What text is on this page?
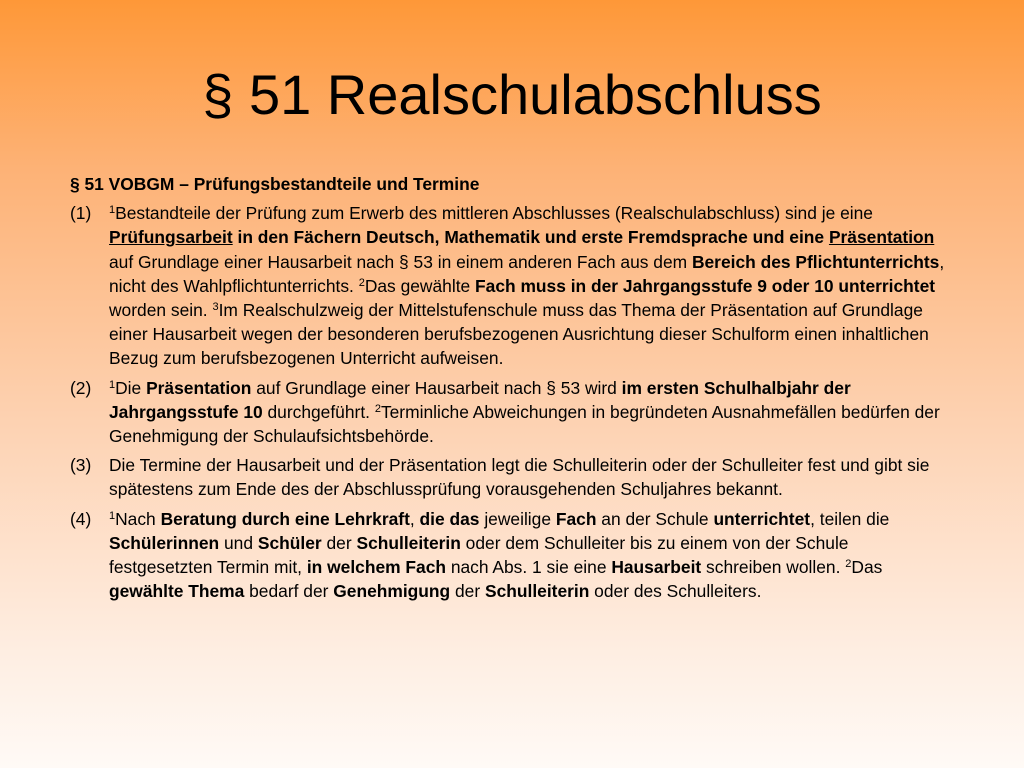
§ 51 Realschulabschluss
§ 51 VOBGM – Prüfungsbestandteile und Termine
(1)	$^1$Bestandteile der Prüfung zum Erwerb des mittleren Abschlusses (Realschulabschluss) sind je eine Prüfungsarbeit in den Fächern Deutsch, Mathematik und erste Fremdsprache und eine Präsentation auf Grundlage einer Hausarbeit nach § 53 in einem anderen Fach aus dem Bereich des Pflichtunterrichts, nicht des Wahlpflichtunterrichts. $^2$Das gewählte Fach muss in der Jahrgangsstufe 9 oder 10 unterrichtet worden sein. $^3$Im Realschulzweig der Mittelstufenschule muss das Thema der Präsentation auf Grundlage einer Hausarbeit wegen der besonderen berufsbezogenen Ausrichtung dieser Schulform einen inhaltlichen Bezug zum berufsbezogenen Unterricht aufweisen.
(2)	$^1$Die Präsentation auf Grundlage einer Hausarbeit nach § 53 wird im ersten Schulhalbjahr der Jahrgangsstufe 10 durchgeführt. $^2$Terminliche Abweichungen in begründeten Ausnahmefällen bedürfen der Genehmigung der Schulaufsichtsbehörde.
(3)	Die Termine der Hausarbeit und der Präsentation legt die Schulleiterin oder der Schulleiter fest und gibt sie spätestens zum Ende des der Abschlussprüfung vorausgehenden Schuljahres bekannt.
(4)	$^1$Nach Beratung durch eine Lehrkraft, die das jeweilige Fach an der Schule unterrichtet, teilen die Schülerinnen und Schüler der Schulleiterin oder dem Schulleiter bis zu einem von der Schule festgesetzten Termin mit, in welchem Fach nach Abs. 1 sie eine Hausarbeit schreiben wollen. $^2$Das gewählte Thema bedarf der Genehmigung der Schulleiterin oder des Schulleiters.
